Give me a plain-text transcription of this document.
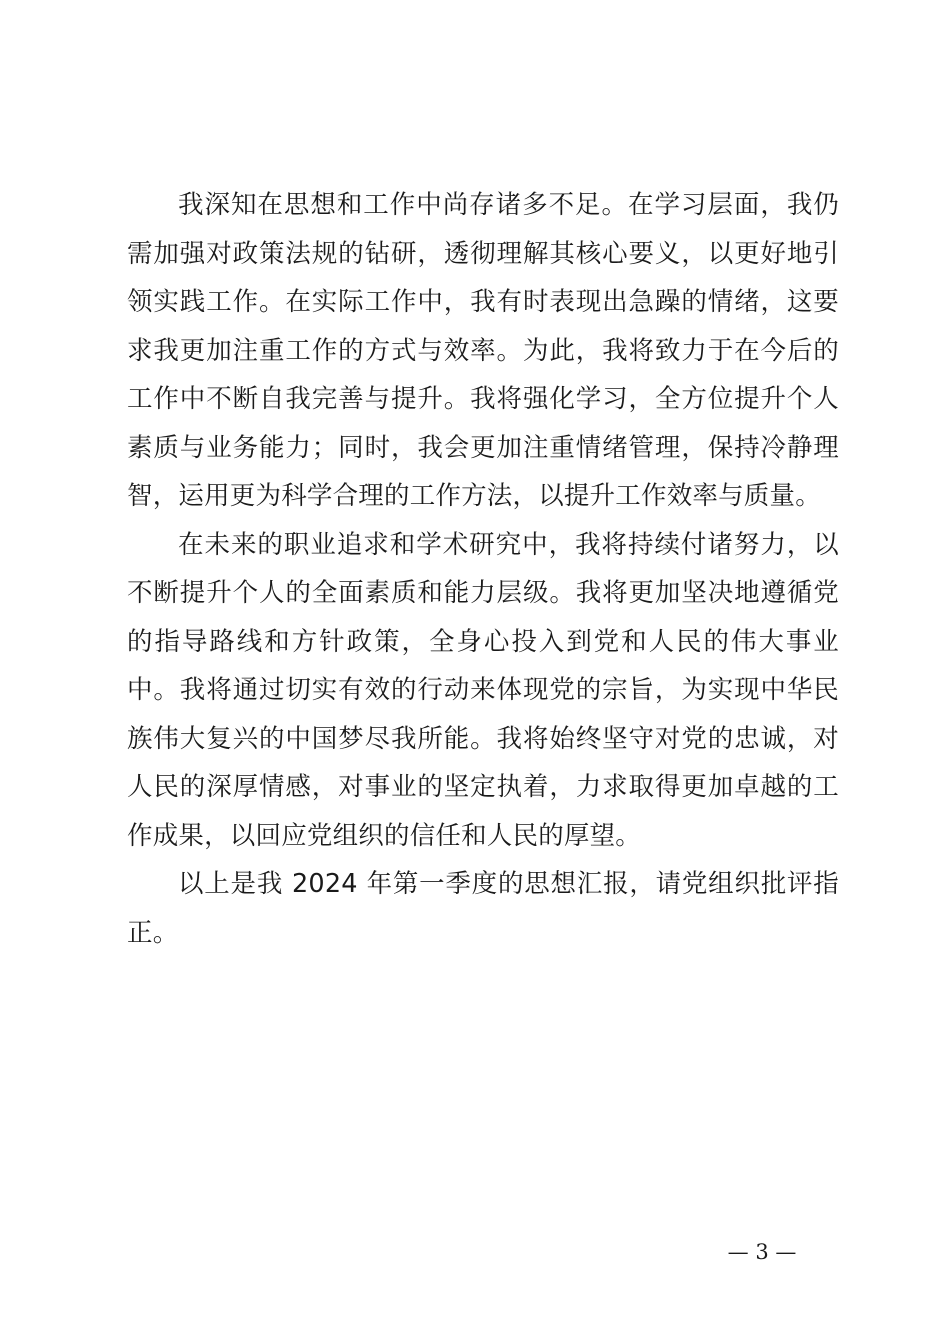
我深知在思想和工作中尚存诸多不足。在学习层面，我仍需加强对政策法规的钻研，透彻理解其核心要义，以更好地引领实践工作。在实际工作中，我有时表现出急躁的情绪，这要求我更加注重工作的方式与效率。为此，我将致力于在今后的工作中不断自我完善与提升。我将强化学习，全方位提升个人素质与业务能力；同时，我会更加注重情绪管理，保持冷静理智，运用更为科学合理的工作方法，以提升工作效率与质量。

在未来的职业追求和学术研究中，我将持续付诸努力，以不断提升个人的全面素质和能力层级。我将更加坚决地遵循党的指导路线和方针政策，全身心投入到党和人民的伟大事业中。我将通过切实有效的行动来体现党的宗旨，为实现中华民族伟大复兴的中国梦尽我所能。我将始终坚守对党的忠诚，对人民的深厚情感，对事业的坚定执着，力求取得更加卓越的工作成果，以回应党组织的信任和人民的厚望。

以上是我 2024 年第一季度的思想汇报，请党组织批评指正。

— 3 —
